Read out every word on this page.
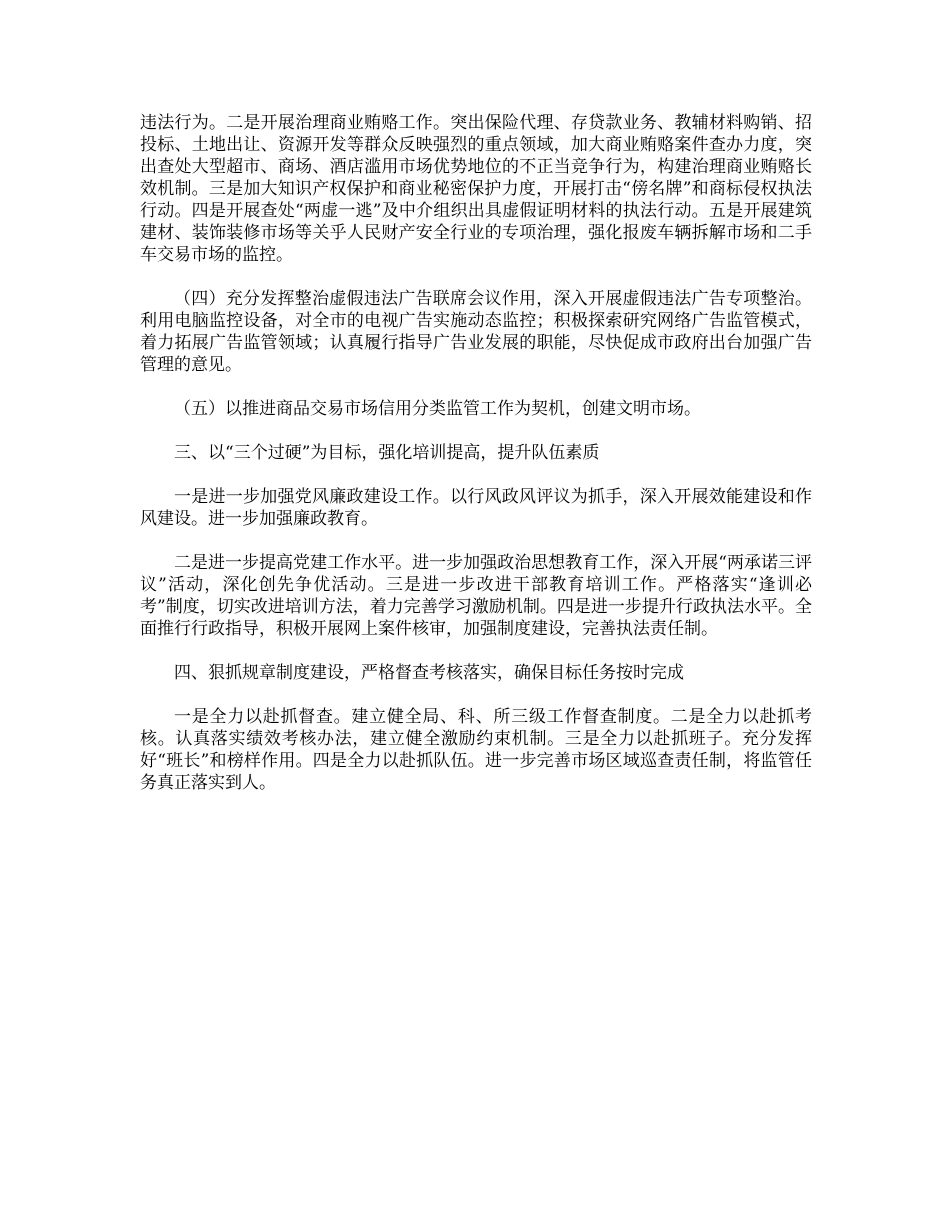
违法行为。二是开展治理商业贿赂工作。突出保险代理、存贷款业务、教辅材料购销、招投标、土地出让、资源开发等群众反映强烈的重点领域，加大商业贿赂案件查办力度，突出查处大型超市、商场、酒店滥用市场优势地位的不正当竞争行为，构建治理商业贿赂长效机制。三是加大知识产权保护和商业秘密保护力度，开展打击“傍名牌”和商标侵权执法行动。四是开展查处“两虚一逃”及中介组织出具虚假证明材料的执法行动。五是开展建筑建材、装饰装修市场等关乎人民财产安全行业的专项治理，强化报废车辆拆解市场和二手车交易市场的监控。

（四）充分发挥整治虚假违法广告联席会议作用，深入开展虚假违法广告专项整治。利用电脑监控设备，对全市的电视广告实施动态监控；积极探索研究网络广告监管模式，着力拓展广告监管领域；认真履行指导广告业发展的职能，尽快促成市政府出台加强广告管理的意见。

（五）以推进商品交易市场信用分类监管工作为契机，创建文明市场。

三、以“三个过硬”为目标，强化培训提高，提升队伍素质

一是进一步加强党风廉政建设工作。以行风政风评议为抓手，深入开展效能建设和作风建设。进一步加强廉政教育。

二是进一步提高党建工作水平。进一步加强政治思想教育工作，深入开展“两承诺三评议”活动，深化创先争优活动。三是进一步改进干部教育培训工作。严格落实“逢训必考”制度，切实改进培训方法，着力完善学习激励机制。四是进一步提升行政执法水平。全面推行行政指导，积极开展网上案件核审，加强制度建设，完善执法责任制。

四、狠抓规章制度建设，严格督查考核落实，确保目标任务按时完成

一是全力以赴抓督查。建立健全局、科、所三级工作督查制度。二是全力以赴抓考核。认真落实绩效考核办法，建立健全激励约束机制。三是全力以赴抓班子。充分发挥好“班长”和榜样作用。四是全力以赴抓队伍。进一步完善市场区域巡查责任制，将监管任务真正落实到人。
